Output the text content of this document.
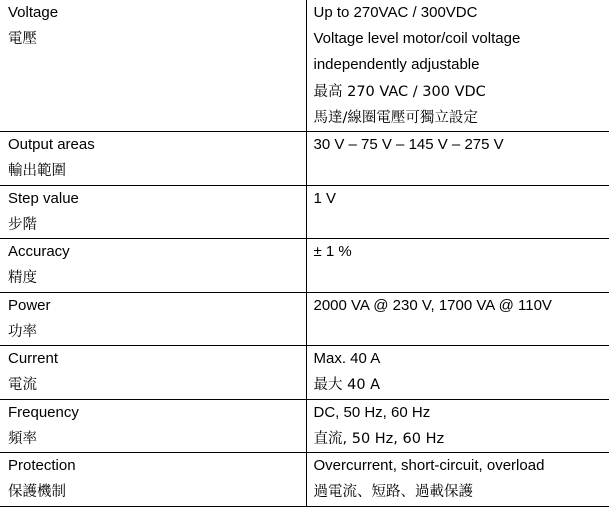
Voltage
電壓	Up to 270VAC / 300VDC
Voltage level motor/coil voltage
independently adjustable
最高 270 VAC / 300 VDC
馬達/線圈電壓可獨立設定

Output areas
輸出範圍	30 V – 75 V – 145 V – 275 V

Step value
步階	1 V

Accuracy
精度	± 1 %

Power
功率	2000 VA @ 230 V, 1700 VA @ 110V

Current
電流	Max. 40 A
最大 40 A

Frequency
頻率	DC, 50 Hz, 60 Hz
直流, 50 Hz, 60 Hz

Protection
保護機制	Overcurrent, short-circuit, overload
過電流、短路、過載保護
